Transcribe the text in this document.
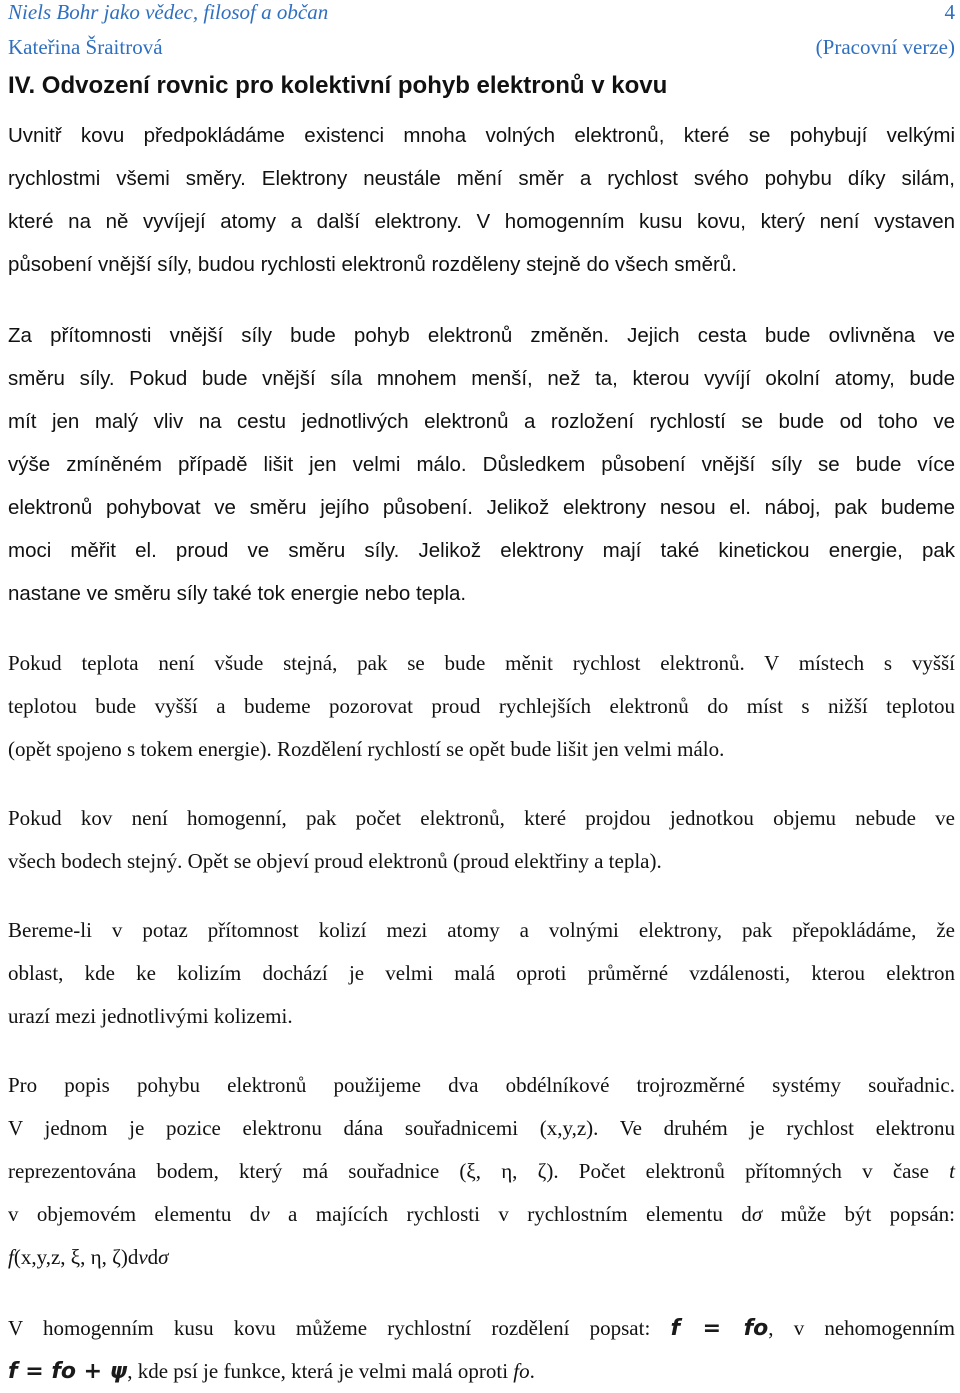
Niels Bohr jako vědec, filosof a občan
Kateřina Šraitrová
4
(Pracovní verze)
IV. Odvození rovnic pro kolektivní pohyb elektronů v kovu
Uvnitř kovu předpokládáme existenci mnoha volných elektronů, které se pohybují velkými
rychlostmi všemi směry. Elektrony neustále mění směr a rychlost svého pohybu díky silám,
které na ně vyvíjejí atomy a další elektrony. V homogenním kusu kovu, který není vystaven
působení vnější síly, budou rychlosti elektronů rozděleny stejně do všech směrů.
Za přítomnosti vnější síly bude pohyb elektronů změněn. Jejich cesta bude ovlivněna ve
směru síly. Pokud bude vnější síla mnohem menší, než ta, kterou vyvíjí okolní atomy, bude
mít jen malý vliv na cestu jednotlivých elektronů a rozložení rychlostí se bude od toho ve
výše zmíněném případě lišit jen velmi málo. Důsledkem působení vnější síly se bude více
elektronů pohybovat ve směru jejího působení. Jelikož elektrony nesou el. náboj, pak budeme
moci měřit el. proud ve směru síly. Jelikož elektrony mají také kinetickou energie, pak
nastane ve směru síly také tok energie nebo tepla.
Pokud teplota není všude stejná, pak se bude měnit rychlost elektronů. V místech s vyšší
teplotou bude vyšší a budeme pozorovat proud rychlejších elektronů do míst s nižší teplotou
(opět spojeno s tokem energie). Rozdělení rychlostí se opět bude lišit jen velmi málo.
Pokud kov není homogenní, pak počet elektronů, které projdou jednotkou objemu nebude ve
všech bodech stejný. Opět se objeví proud elektronů (proud elektřiny a tepla).
Bereme-li v potaz přítomnost kolizí mezi atomy a volnými elektrony, pak přepokládáme, že
oblast, kde ke kolizím dochází je velmi malá oproti průměrné vzdálenosti, kterou elektron
urazí mezi jednotlivými kolizemi.
Pro popis pohybu elektronů použijeme dva obdélníkové trojrozměrné systémy souřadnic.
V jednom je pozice elektronu dána souřadnicemi (x,y,z). Ve druhém je rychlost elektronu
reprezentována bodem, který má souřadnice (ξ, η, ζ). Počet elektronů přítomných v čase t
v objemovém elementu dv a majících rychlosti v rychlostním elementu dσ může být popsán:
f(x,y,z, ξ, η, ζ)dvdσ
V homogenním kusu kovu můžeme rychlostní rozdělení popsat: f = fo, v nehomogenním
f = fo + ψ, kde psí je funkce, která je velmi malá oproti fo.
